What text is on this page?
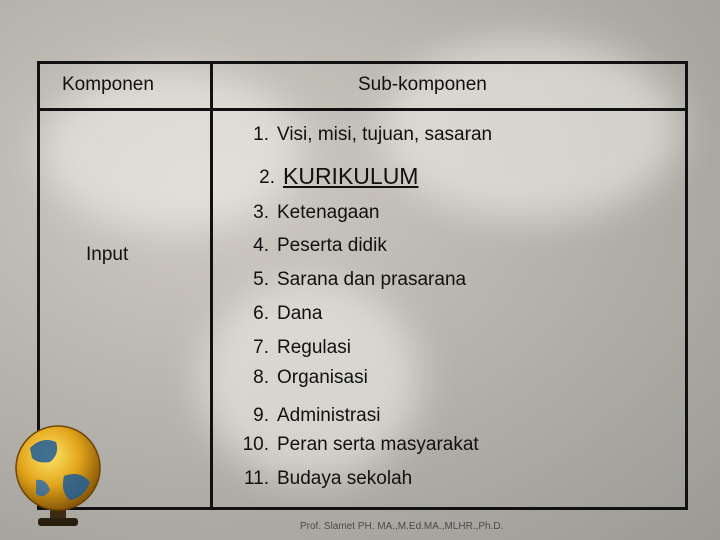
Komponen	Sub-komponen
Input
1. Visi, misi, tujuan, sasaran
2. KURIKULUM
3. Ketenagaan
4. Peserta didik
5. Sarana dan prasarana
6. Dana
7. Regulasi
8. Organisasi
9. Administrasi
10. Peran serta masyarakat
11. Budaya sekolah
Prof. Slamet PH. MA.,M.Ed.MA.,MLHR.,Ph.D.
